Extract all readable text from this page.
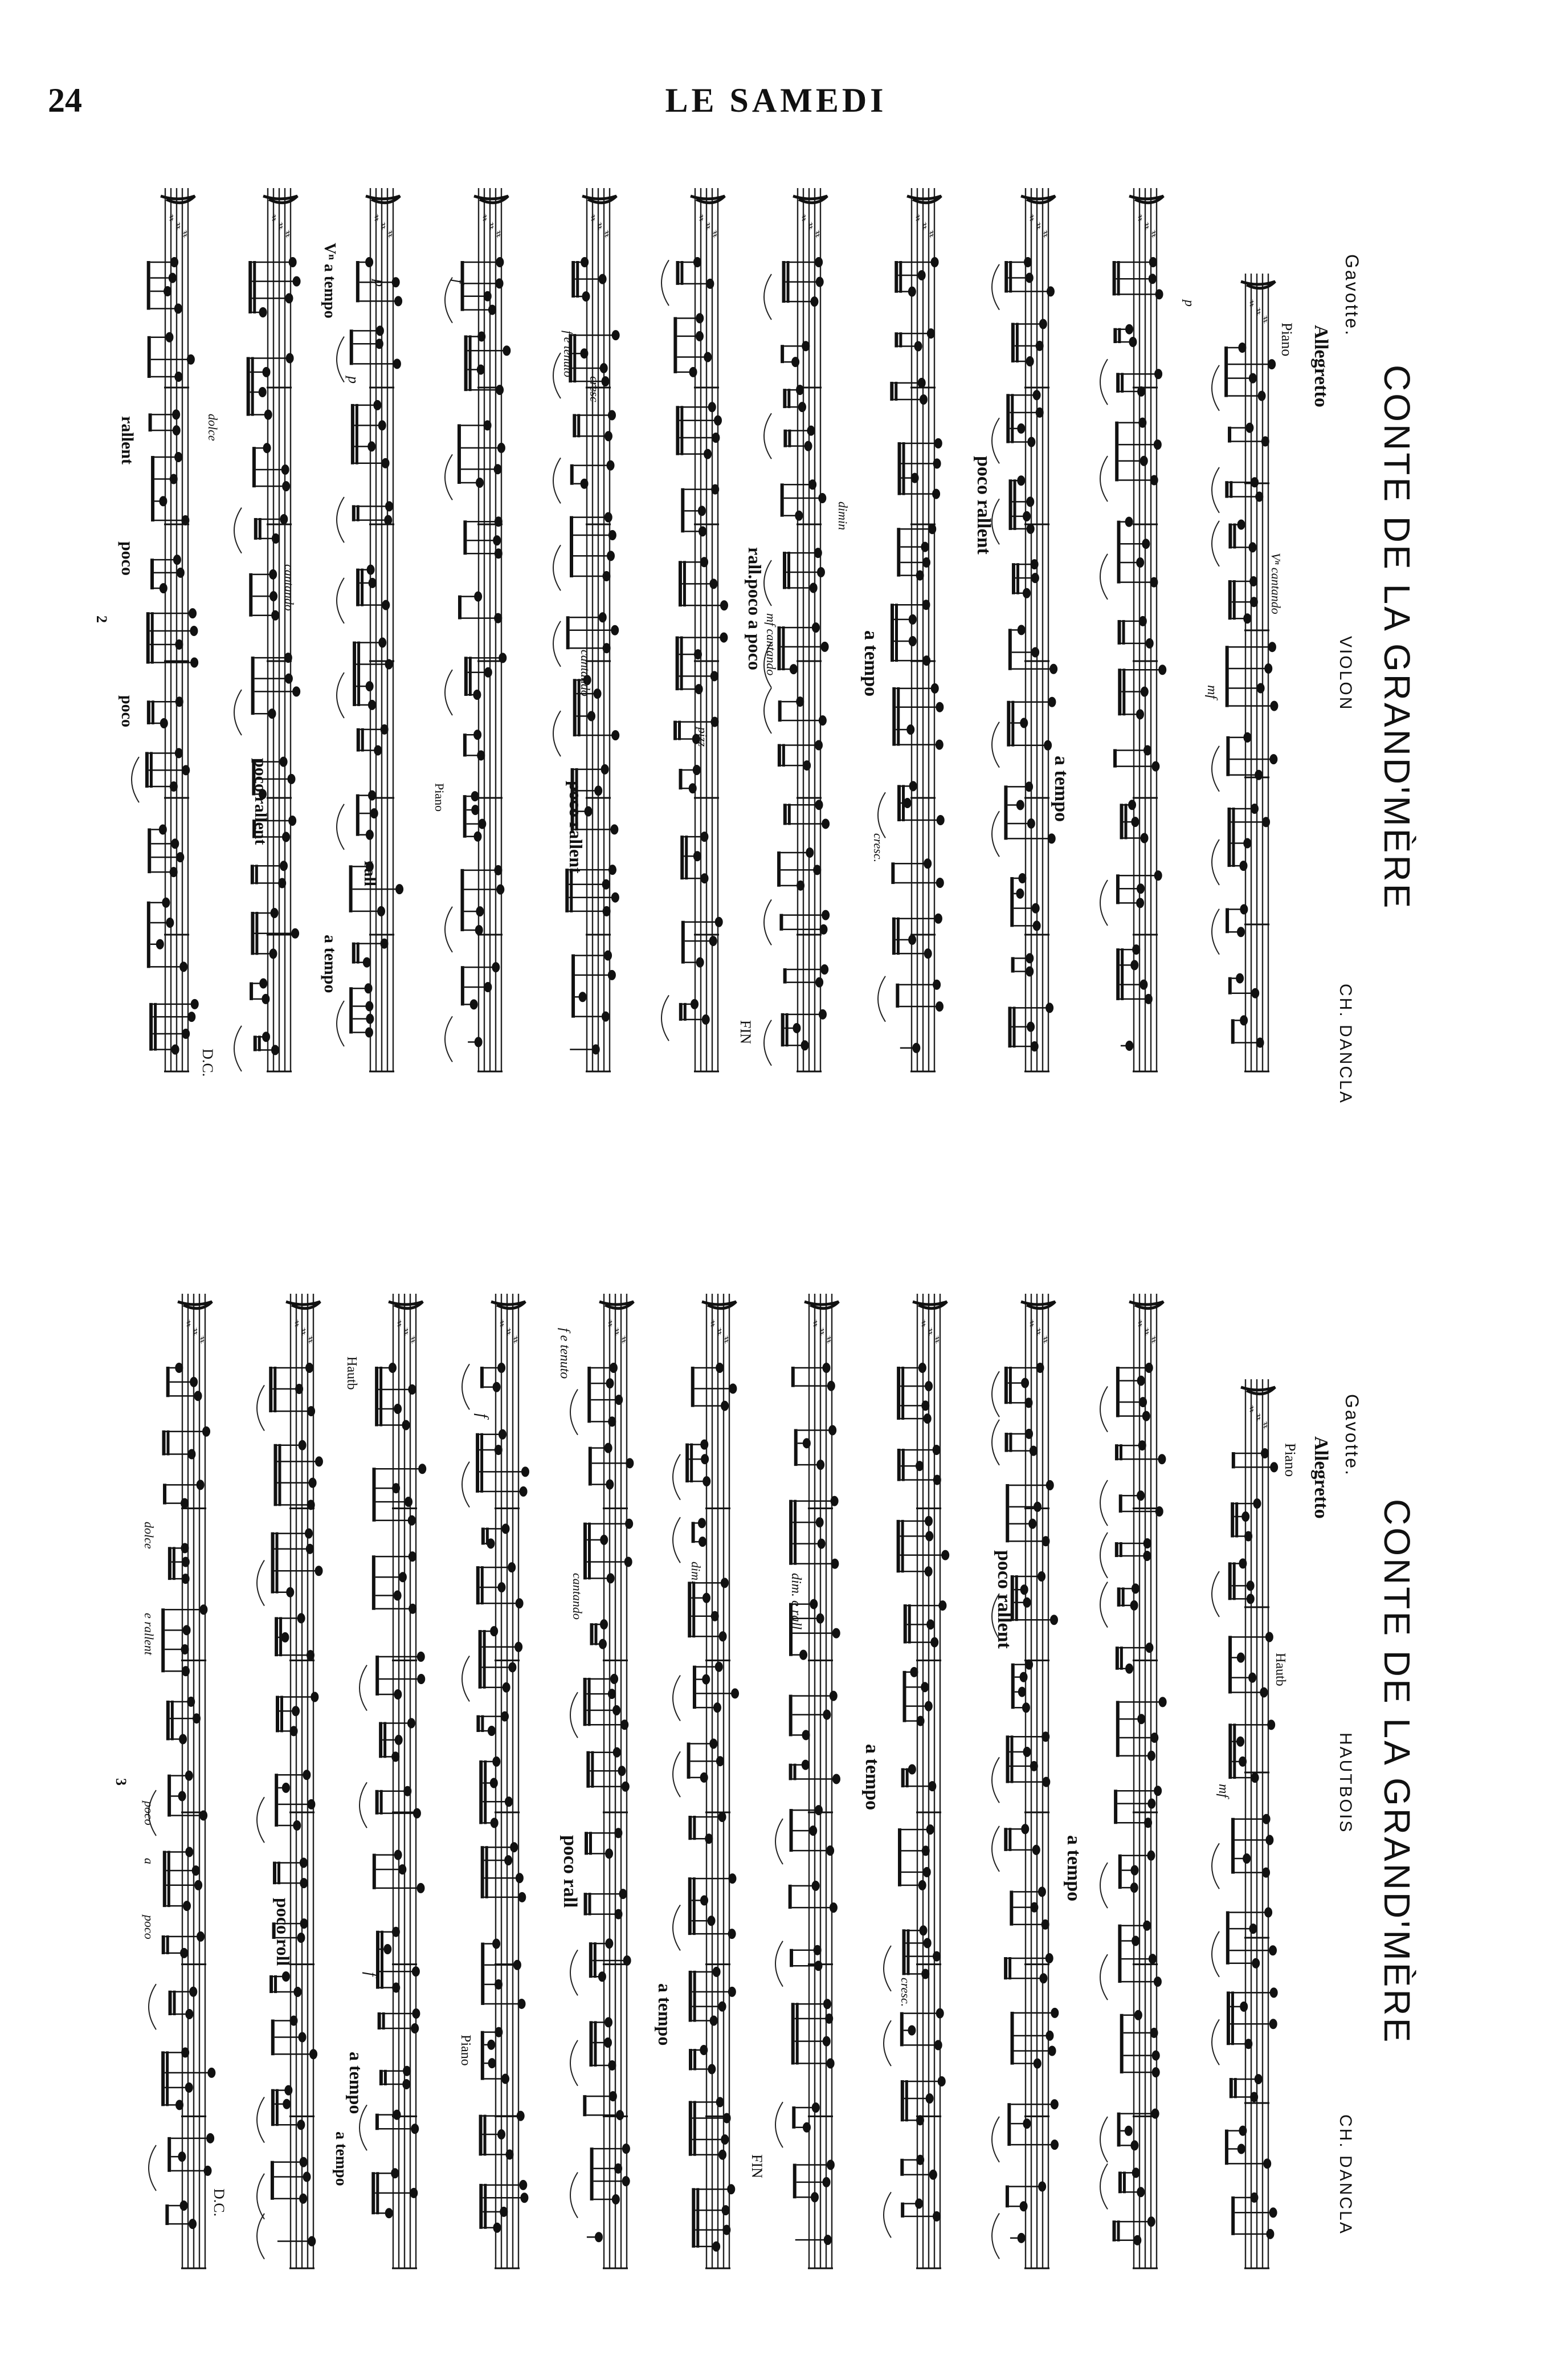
24	LE SAMEDI
♯
♯
♯
♯
♯
♯
♯
♯
♯
♯
♯
♯
♯
♯
♯
♯
♯
♯
♯
♯
♯
♯
♯
♯
♯
♯
♯
♯
♯
♯
♯
♯
♯
CONTE DE LA GRAND'MÈRE
Gavotte.
VIOLON
CH. DANCLA
Allegretto
Piano
Vⁿ cantando
2
p
mf
poco rallent
a tempo
cresc.
dimin
rall.poco a poco
mf cantando	a tempo
pizz
FIN
cantando
poco rallent
f e tenuto
cresc
p
Piano
f
p
rall
Vⁿ a tempo
cantando
poco rallent
a tempo
dolce
rallent
poco
poco
D.C.
♯
♯
♯
♯
♯
♯
♯
♯
♯
♯
♯
♯
♯
♯
♯
♯
♯
♯
♯
♯
♯
♯
♯
♯
♯
♯
♯
♯
♯
♯
♯
♯
♯
CONTE DE LA GRAND'MÈRE
Gavotte.
HAUTBOIS
CH. DANCLA
Allegretto
Piano
Hautb
3
mf
poco rallent
a tempo
cresc.
a tempo
dim. e rall
dim:
FIN
f e tenuto
cantando
poco rall
a tempo
f
Piano
f
Hautb
a tempo
poco roll
a tempo
dolce
e rallent
poco
a
poco
D.C.
